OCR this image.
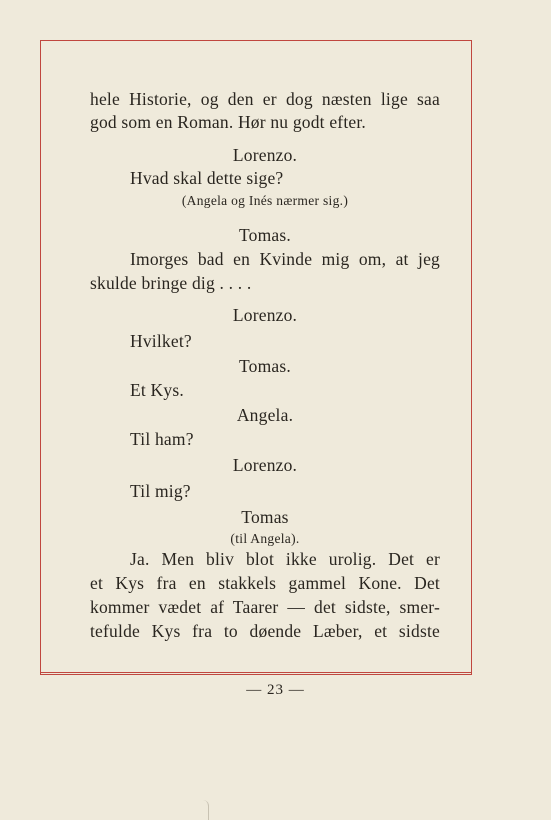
hele Historie, og den er dog næsten lige saa
god som en Roman. Hør nu godt efter.
Lorenzo.
Hvad skal dette sige?
(Angela og Inés nærmer sig.)
Tomas.
Imorges bad en Kvinde mig om, at jeg
skulde bringe dig . . . .
Lorenzo.
Hvilket?
Tomas.
Et Kys.
Angela.
Til ham?
Lorenzo.
Til mig?
Tomas
(til Angela).
Ja. Men bliv blot ikke urolig. Det er
et Kys fra en stakkels gammel Kone. Det
kommer vædet af Taarer — det sidste, smer-
tefulde Kys fra to døende Læber, et sidste
— 23 —
